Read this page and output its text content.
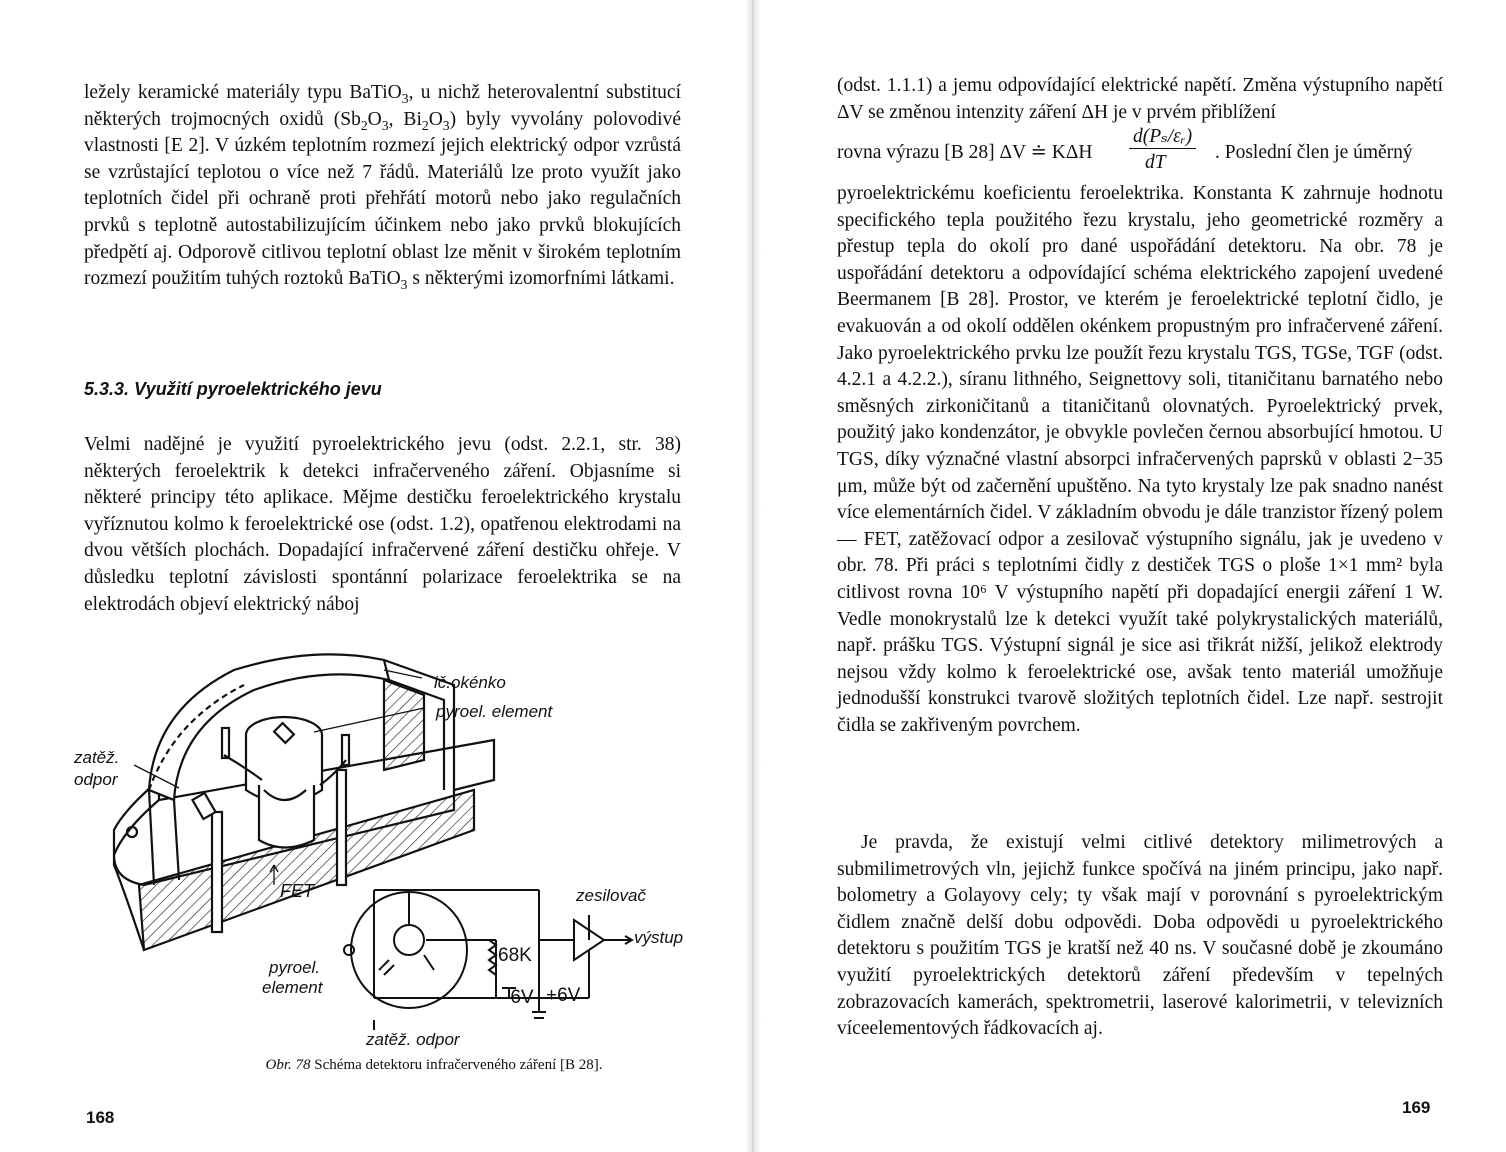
ležely keramické materiály typu BaTiO$_3$, u nichž heterovalentní substitucí některých trojmocných oxidů ($Sb_2O_3$, $Bi_2O_3$) byly vyvolány polovodivé vlastnosti [E 2]. V úzkém teplotním rozmezí jejich elektrický odpor vzrůstá se vzrůstající teplotou o více než 7 řádů. Materiálů lze proto využít jako teplotních čidel při ochraně proti přehřátí motorů nebo jako regulačních prvků s teplotně autostabilizujícím účinkem nebo jako prvků blokujících předpětí aj. Odporově citlivou teplotní oblast lze měnit v širokém teplotním rozmezí použitím tuhých roztoků BaTiO$_3$ s některými izomorfními látkami.

5.3.3. Využití pyroelektrického jevu

Velmi nadějné je využití pyroelektrického jevu (odst. 2.2.1, str. 38) některých feroelektrik k detekci infračerveného záření. Objasníme si některé principy této aplikace. Mějme destičku feroelektrického krystalu vyříznutou kolmo k feroelektrické ose (odst. 1.2), opatřenou elektrodami na dvou větších plochách. Dopadající infračervené záření destičku ohřeje. V důsledku teplotní závislosti spontánní polarizace feroelektrika se na elektrodách objeví elektrický náboj

ič.okénko
pyroel. element
zatěž.
odpor
FET	zesilovač
výstup
pyroel.
element
68K
-6V +6V
zatěž. odpor
Obr. 78 Schéma detektoru infračerveného záření [B 28].
168

(odst. 1.1.1) a jemu odpovídající elektrické napětí. Změna výstupního napětí ΔV se změnou intenzity záření ΔH je v prvém přiblížení

rovna výrazu [B 28] ΔV ≐ KΔH
d(Pₛ/εᵣ)
dT	. Poslední člen je úměrný

pyroelektrickému koeficientu feroelektrika. Konstanta K zahrnuje hodnotu specifického tepla použitého řezu krystalu, jeho geometrické rozměry a přestup tepla do okolí pro dané uspořádání detektoru. Na obr. 78 je uspořádání detektoru a odpovídající schéma elektrického zapojení uvedené Beermanem [B 28]. Prostor, ve kterém je feroelektrické teplotní čidlo, je evakuován a od okolí oddělen okénkem propustným pro infračervené záření. Jako pyroelektrického prvku lze použít řezu krystalu TGS, TGSe, TGF (odst. 4.2.1 a 4.2.2.), síranu lithného, Seignettovy soli, titaničitanu barnatého nebo směsných zirkoničitanů a titaničitanů olovnatých. Pyroelektrický prvek, použitý jako kondenzátor, je obvykle povlečen černou absorbující hmotou. U TGS, díky význačné vlastní absorpci infračervených paprsků v oblasti 2−35 μm, může být od začernění upuštěno. Na tyto krystaly lze pak snadno nanést více elementárních čidel. V základním obvodu je dále tranzistor řízený polem — FET, zatěžovací odpor a zesilovač výstupního signálu, jak je uvedeno v obr. 78. Při práci s teplotními čidly z destiček TGS o ploše 1×1 mm² byla citlivost rovna 10⁶ V výstupního napětí při dopadající energii záření 1 W. Vedle monokrystalů lze k detekci využít také polykrystalických materiálů, např. prášku TGS. Výstupní signál je sice asi třikrát nižší, jelikož elektrody nejsou vždy kolmo k feroelektrické ose, avšak tento materiál umožňuje jednodušší konstrukci tvarově složitých teplotních čidel. Lze např. sestrojit čidla se zakřiveným povrchem.

Je pravda, že existují velmi citlivé detektory milimetrových a submilimetrových vln, jejichž funkce spočívá na jiném principu, jako např. bolometry a Golayovy cely; ty však mají v porovnání s pyroelektrickým čidlem značně delší dobu odpovědi. Doba odpovědi u pyroelektrického detektoru s použitím TGS je kratší než 40 ns. V současné době je zkoumáno využití pyroelektrických detektorů záření především v tepelných zobrazovacích kamerách, spektrometrii, laserové kalorimetrii, v televizních víceelementových řádkovacích aj.

169
